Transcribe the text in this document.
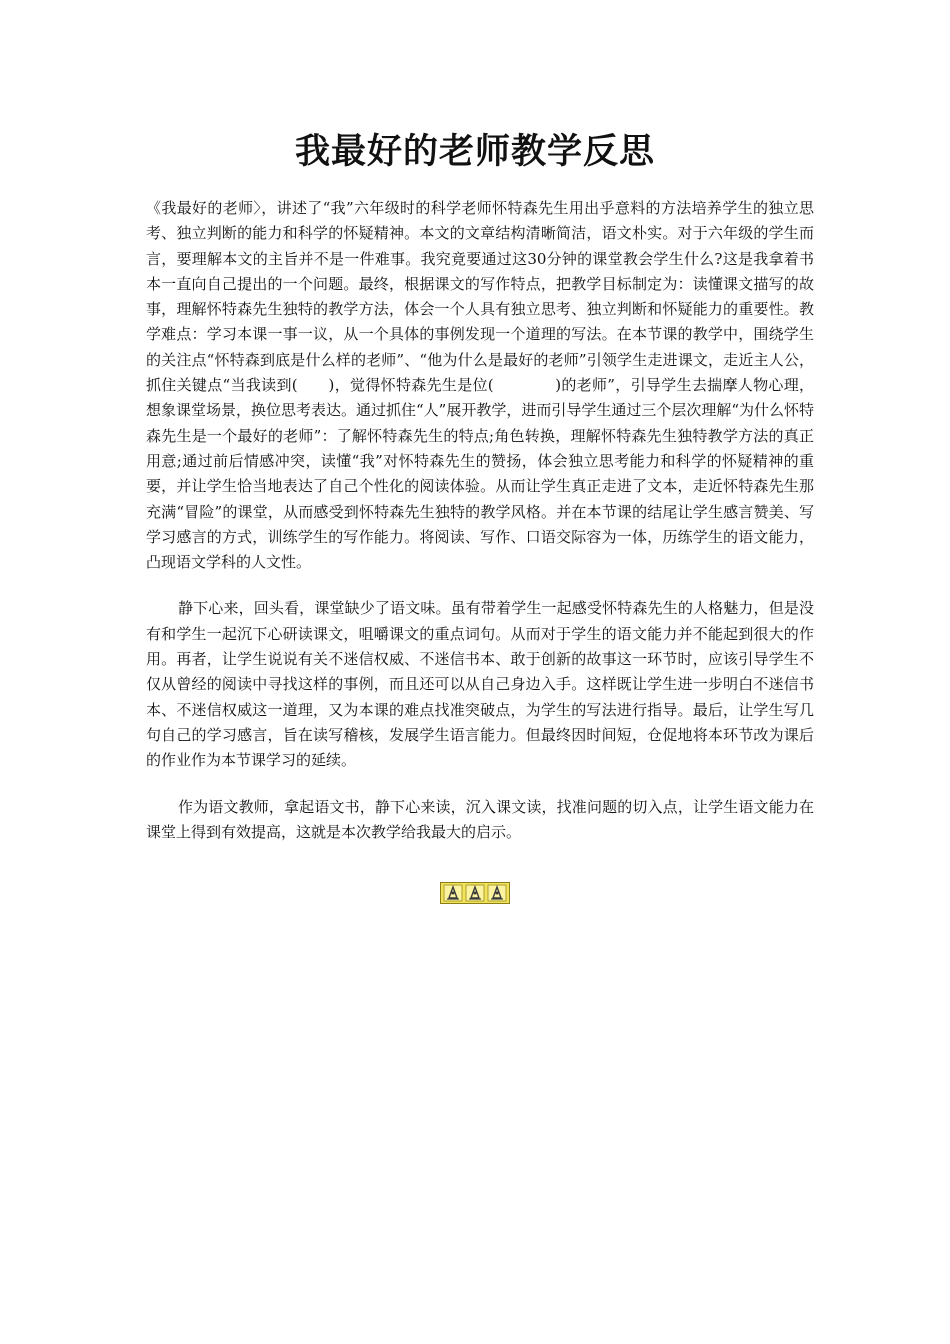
我最好的老师教学反思

《我最好的老师〉，讲述了“我”六年级时的科学老师怀特森先生用出乎意料的方法培养学生的独立思考、独立判断的能力和科学的怀疑精神。本文的文章结构清晰简洁，语文朴实。对于六年级的学生而言，要理解本文的主旨并不是一件难事。我究竟要通过这30分钟的课堂教会学生什么?这是我拿着书本一直向自己提出的一个问题。最终，根据课文的写作特点，把教学目标制定为：读懂课文描写的故事，理解怀特森先生独特的教学方法，体会一个人具有独立思考、独立判断和怀疑能力的重要性。教学难点：学习本课一事一议，从一个具体的事例发现一个道理的写法。在本节课的教学中，围绕学生的关注点“怀特森到底是什么样的老师”、“他为什么是最好的老师”引领学生走进课文，走近主人公，抓住关键点“当我读到(　　)，觉得怀特森先生是位(　　　　)的老师”，引导学生去揣摩人物心理，想象课堂场景，换位思考表达。通过抓住“人”展开教学，进而引导学生通过三个层次理解“为什么怀特森先生是一个最好的老师”：了解怀特森先生的特点;角色转换，理解怀特森先生独特教学方法的真正用意;通过前后情感冲突，读懂“我”对怀特森先生的赞扬，体会独立思考能力和科学的怀疑精神的重要，并让学生恰当地表达了自己个性化的阅读体验。从而让学生真正走进了文本，走近怀特森先生那充满“冒险”的课堂，从而感受到怀特森先生独特的教学风格。并在本节课的结尾让学生感言赞美、写学习感言的方式，训练学生的写作能力。将阅读、写作、口语交际容为一体，历练学生的语文能力，凸现语文学科的人文性。

静下心来，回头看，课堂缺少了语文味。虽有带着学生一起感受怀特森先生的人格魅力，但是没有和学生一起沉下心研读课文，咀嚼课文的重点词句。从而对于学生的语文能力并不能起到很大的作用。再者，让学生说说有关不迷信权威、不迷信书本、敢于创新的故事这一环节时，应该引导学生不仅从曾经的阅读中寻找这样的事例，而且还可以从自己身边入手。这样既让学生进一步明白不迷信书本、不迷信权威这一道理，又为本课的难点找准突破点，为学生的写法进行指导。最后，让学生写几句自己的学习感言，旨在读写稽核，发展学生语言能力。但最终因时间短，仓促地将本环节改为课后的作业作为本节课学习的延续。

作为语文教师，拿起语文书，静下心来读，沉入课文读，找准问题的切入点，让学生语文能力在课堂上得到有效提高，这就是本次教学给我最大的启示。
